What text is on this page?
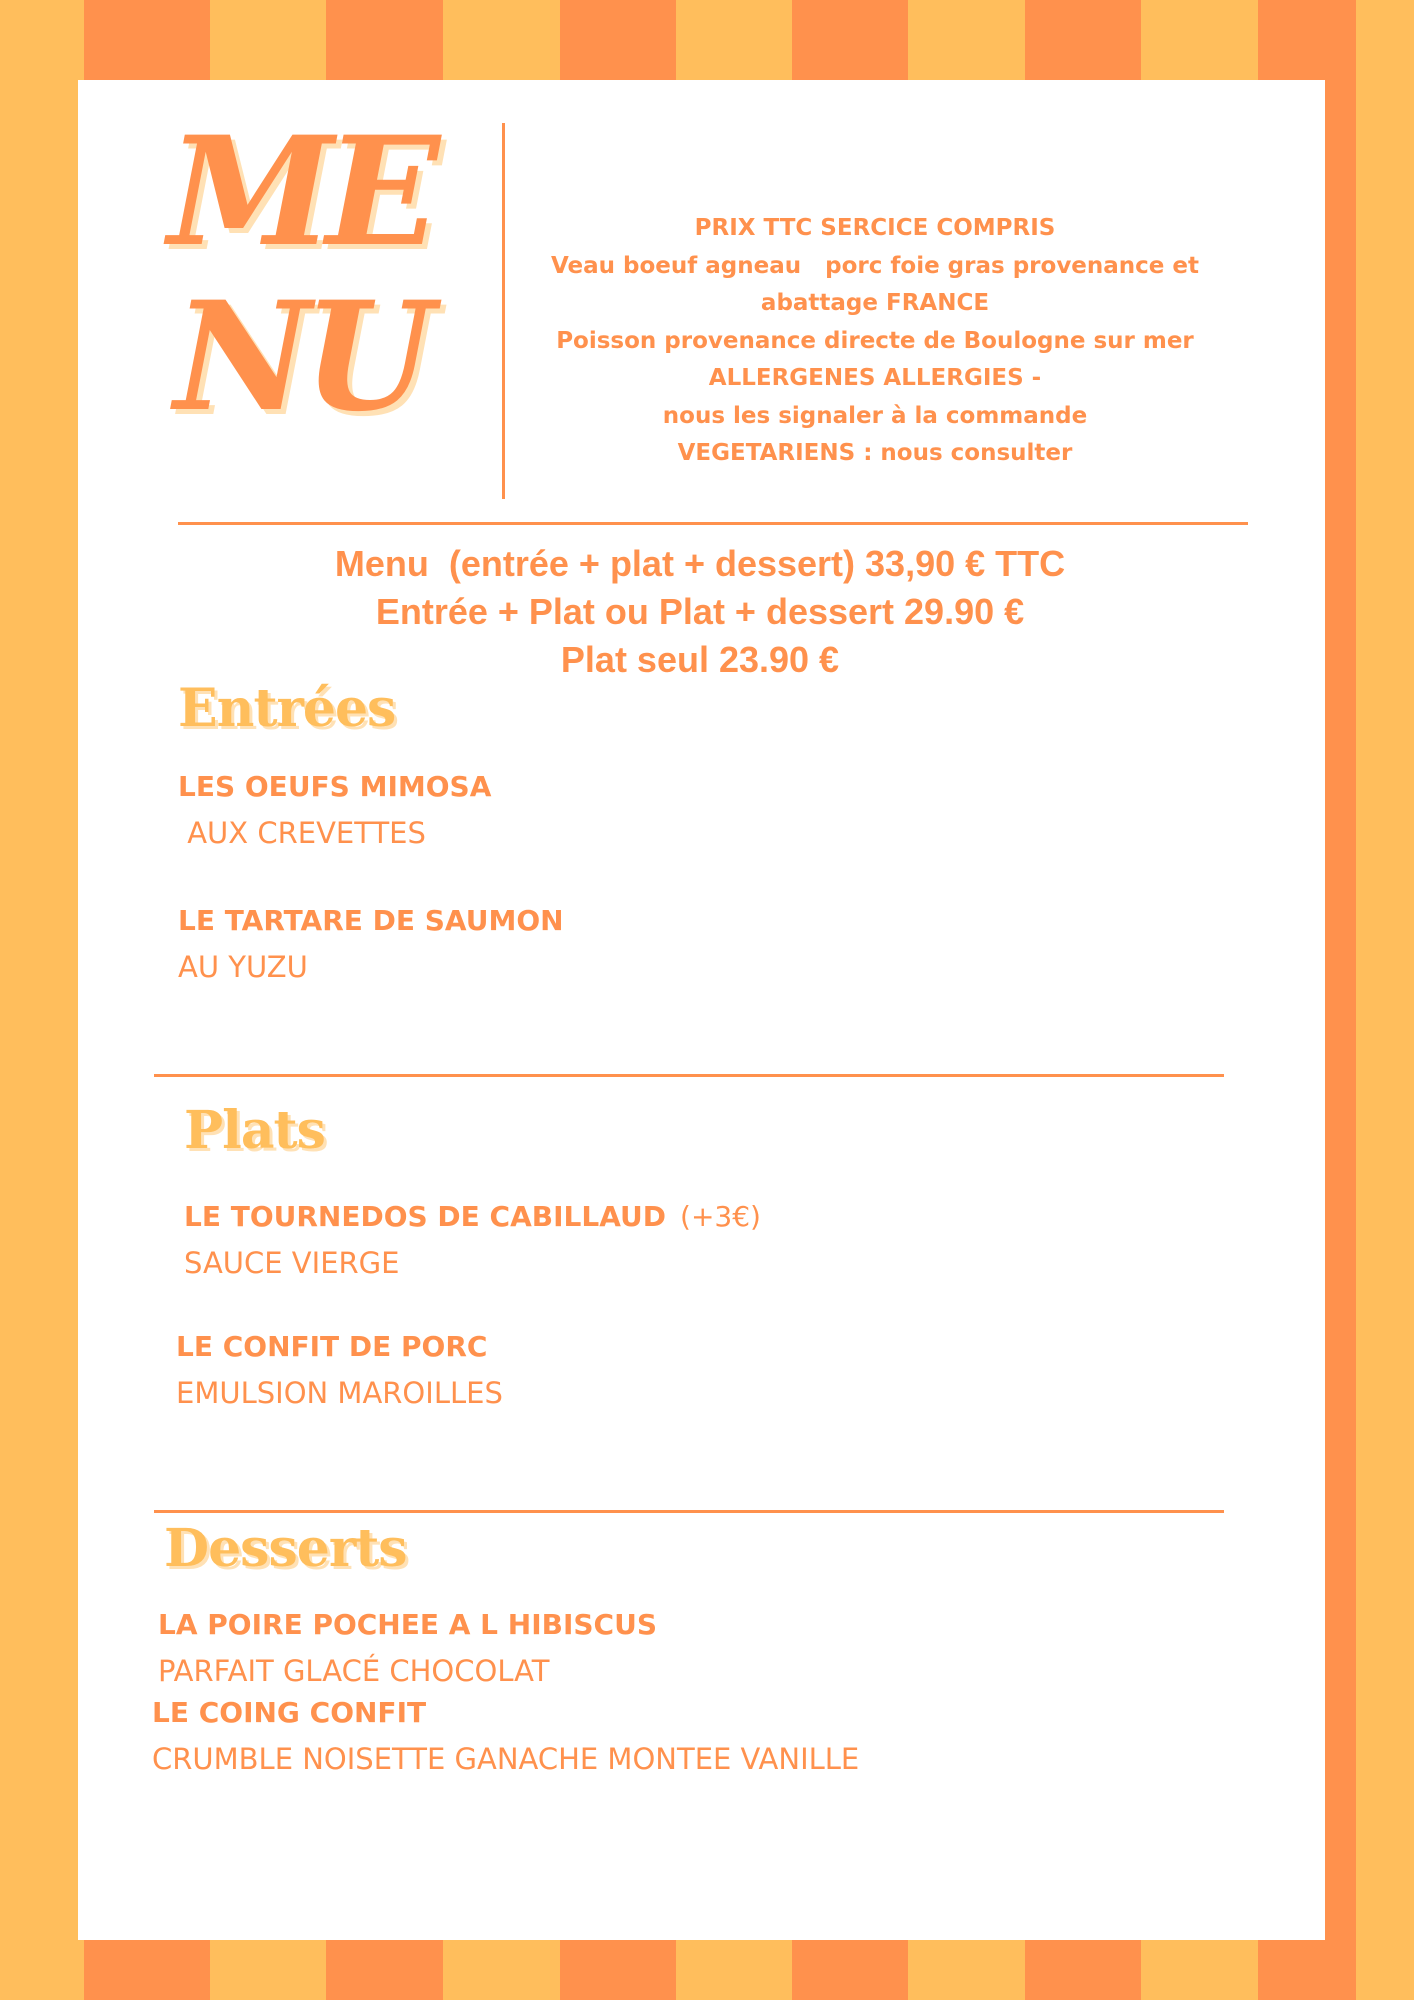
ME
NU
PRIX TTC SERCICE COMPRIS
Veau boeuf agneau   porc foie gras provenance et
abattage FRANCE
Poisson provenance directe de Boulogne sur mer
ALLERGENES ALLERGIES -
nous les signaler à la commande
VEGETARIENS : nous consulter
Menu  (entrée + plat + dessert) 33,90 € TTC
Entrée + Plat ou Plat + dessert 29.90 €
Plat seul 23.90 €
Entrées
LES OEUFS MIMOSA
AUX CREVETTES
LE TARTARE DE SAUMON
AU YUZU
Plats
LE TOURNEDOS DE CABILLAUD (+3€)
SAUCE VIERGE
LE CONFIT DE PORC
EMULSION MAROILLES
Desserts
LA POIRE POCHEE A L HIBISCUS
PARFAIT GLACÉ CHOCOLAT
LE COING CONFIT
CRUMBLE NOISETTE GANACHE MONTEE VANILLE
